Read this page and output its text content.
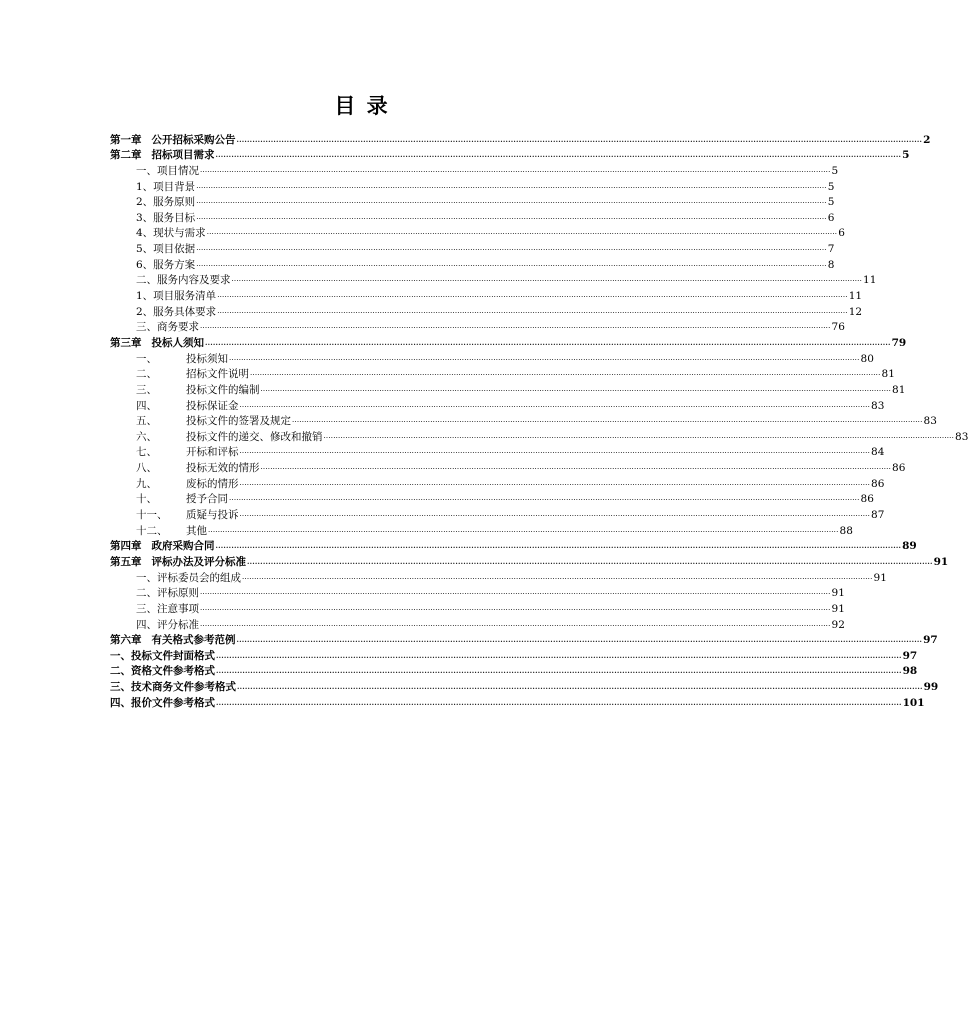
目 录
第一章 公开招标采购公告 .................................................................................................................................................................................................................................................................... 2
第二章 招标项目需求 .................................................................................................................................................................................................................................................................... 5
一、项目情况 .................................................................................................................................................................................................................................................................... 5
1、项目背景 .................................................................................................................................................................................................................................................................... 5
2、服务原则 .................................................................................................................................................................................................................................................................... 5
3、服务目标 .................................................................................................................................................................................................................................................................... 6
4、现状与需求 .................................................................................................................................................................................................................................................................... 6
5、项目依据 .................................................................................................................................................................................................................................................................... 7
6、服务方案 .................................................................................................................................................................................................................................................................... 8
二、服务内容及要求 .................................................................................................................................................................................................................................................................... 11
1、项目服务清单 .................................................................................................................................................................................................................................................................... 11
2、服务具体要求 .................................................................................................................................................................................................................................................................... 12
三、商务要求 .................................................................................................................................................................................................................................................................... 76
第三章 投标人须知 .................................................................................................................................................................................................................................................................... 79
一、	投标须知 .................................................................................................................................................................................................................................................................... 80
二、	招标文件说明 .................................................................................................................................................................................................................................................................... 81
三、	投标文件的编制 .................................................................................................................................................................................................................................................................... 81
四、	投标保证金 .................................................................................................................................................................................................................................................................... 83
五、	投标文件的签署及规定 .................................................................................................................................................................................................................................................................... 83
六、	投标文件的递交、修改和撤销 .................................................................................................................................................................................................................................................................... 83
七、	开标和评标 .................................................................................................................................................................................................................................................................... 84
八、	投标无效的情形 .................................................................................................................................................................................................................................................................... 86
九、	废标的情形 .................................................................................................................................................................................................................................................................... 86
十、	授予合同 .................................................................................................................................................................................................................................................................... 86
十一、 质疑与投诉 .................................................................................................................................................................................................................................................................... 87
十二、 其他 .................................................................................................................................................................................................................................................................... 88
第四章 政府采购合同 .................................................................................................................................................................................................................................................................... 89
第五章 评标办法及评分标准 .................................................................................................................................................................................................................................................................... 91
一、评标委员会的组成 .................................................................................................................................................................................................................................................................... 91
二、评标原则 .................................................................................................................................................................................................................................................................... 91
三、注意事项 .................................................................................................................................................................................................................................................................... 91
四、评分标准 .................................................................................................................................................................................................................................................................... 92
第六章 有关格式参考范例 .................................................................................................................................................................................................................................................................... 97
一、投标文件封面格式 .................................................................................................................................................................................................................................................................... 97
二、资格文件参考格式 .................................................................................................................................................................................................................................................................... 98
三、技术商务文件参考格式 .................................................................................................................................................................................................................................................................... 99
四、报价文件参考格式 .................................................................................................................................................................................................................................................................... 101
